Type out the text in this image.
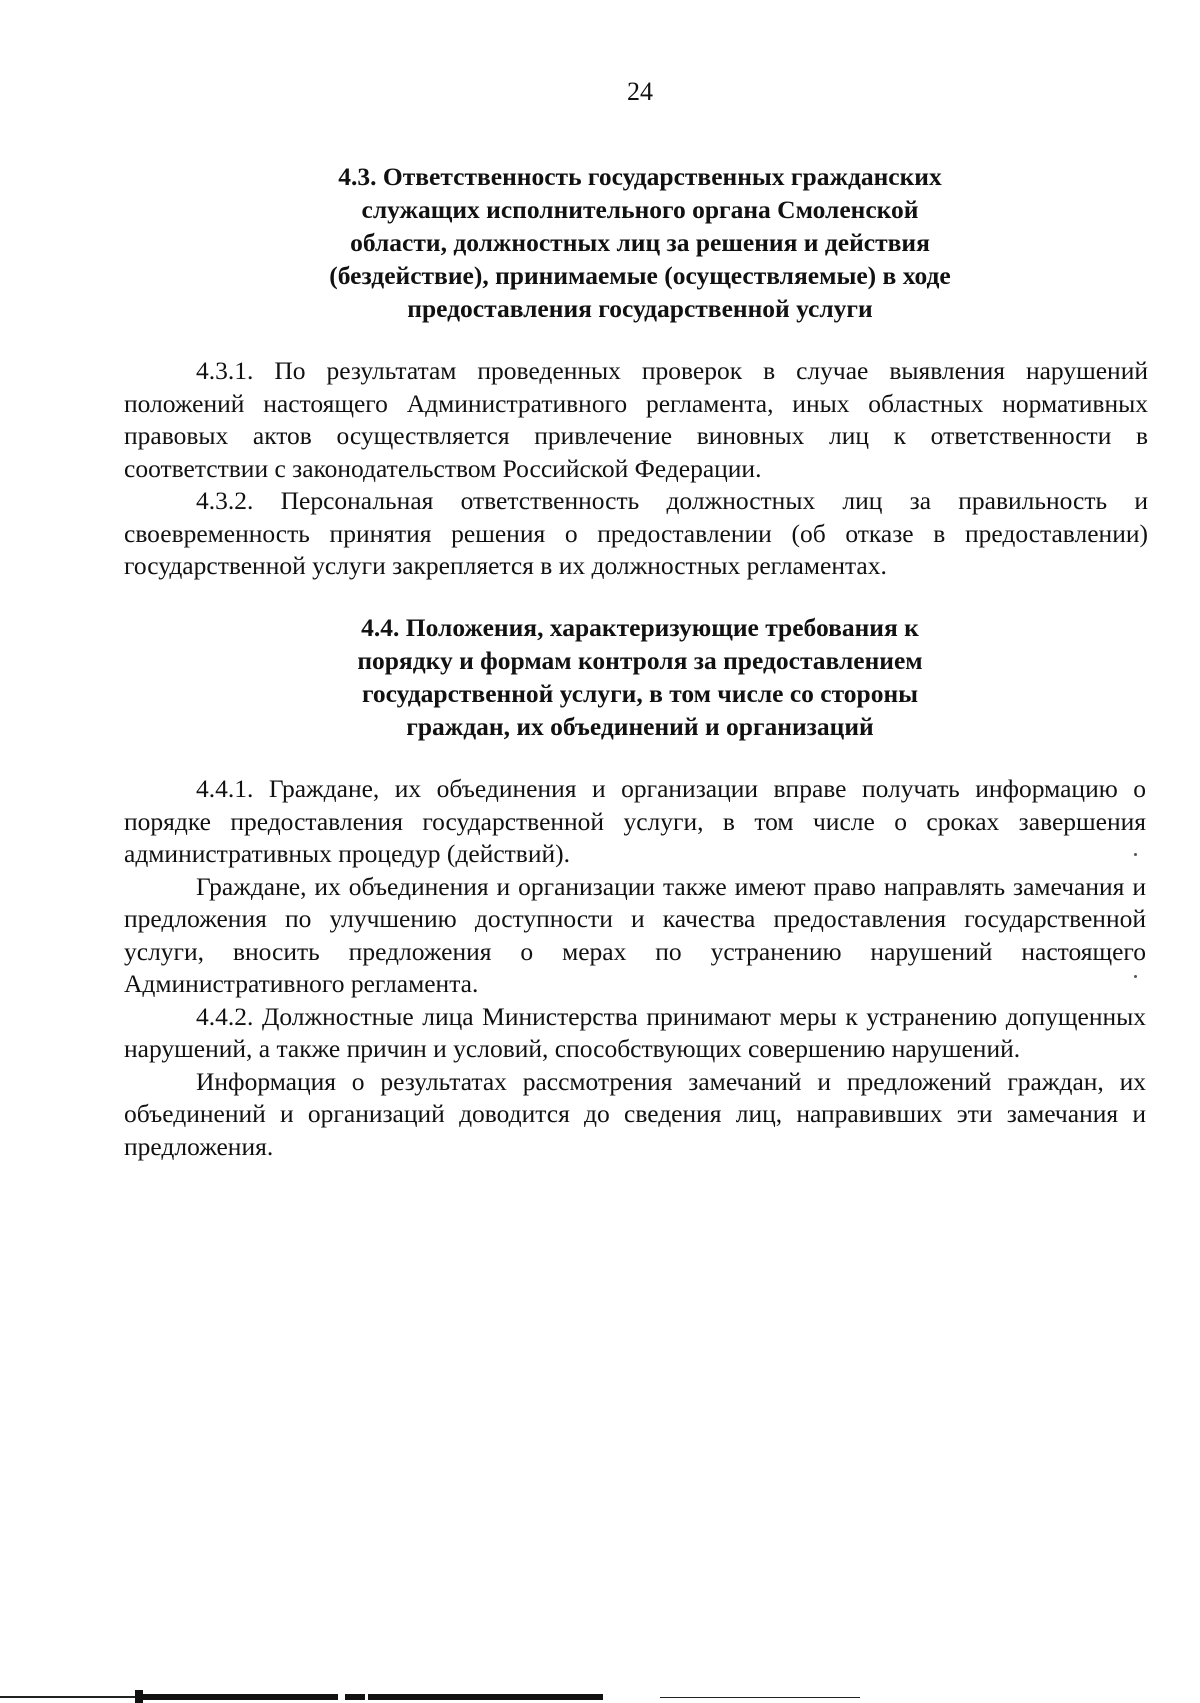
24
4.3. Ответственность государственных гражданских
служащих исполнительного органа Смоленской
области, должностных лиц за решения и действия
(бездействие), принимаемые (осуществляемые) в ходе
предоставления государственной услуги

4.3.1. По результатам проведенных проверок в случае выявления нарушений положений настоящего Административного регламента, иных областных нормативных правовых актов осуществляется привлечение виновных лиц к ответственности в соответствии с законодательством Российской Федерации.

4.3.2. Персональная ответственность должностных лиц за правильность и своевременность принятия решения о предоставлении (об отказе в предоставлении) государственной услуги закрепляется в их должностных регламентах.

4.4. Положения, характеризующие требования к
порядку и формам контроля за предоставлением
государственной услуги, в том числе со стороны
граждан, их объединений и организаций

4.4.1. Граждане, их объединения и организации вправе получать информацию о порядке предоставления государственной услуги, в том числе о сроках завершения административных процедур (действий).

Граждане, их объединения и организации также имеют право направлять замечания и предложения по улучшению доступности и качества предоставления государственной услуги, вносить предложения о мерах по устранению нарушений настоящего Административного регламента.

4.4.2. Должностные лица Министерства принимают меры к устранению допущенных нарушений, а также причин и условий, способствующих совершению нарушений.

Информация о результатах рассмотрения замечаний и предложений граждан, их объединений и организаций доводится до сведения лиц, направивших эти замечания и предложения.
